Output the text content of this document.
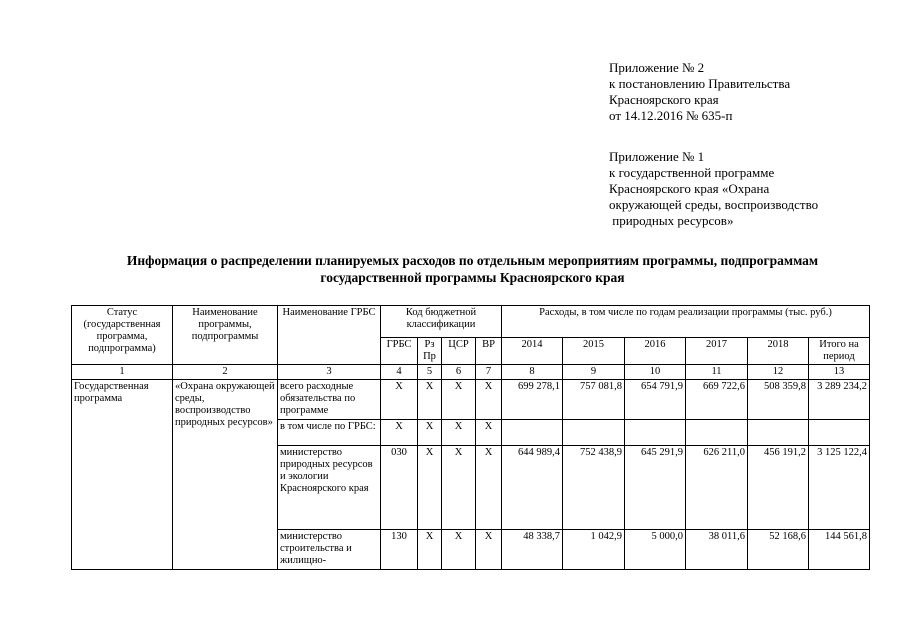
Приложение № 2
к постановлению Правительства
Красноярского края
от 14.12.2016 № 635-п
Приложение № 1
к государственной программе
Красноярского края «Охрана
окружающей среды, воспроизводство
природных ресурсов»
Информация о распределении планируемых расходов по отдельным мероприятиям программы, подпрограммам
государственной программы Красноярского края
Статус (государственная программа, подпрограмма)	Наименование программы, подпрограммы	Наименование ГРБС	Код бюджетной классификации				Расходы, в том числе по годам реализации программы (тыс. руб.)					
			ГРБС	Рз Пр	ЦСР	ВР	2014	2015	2016	2017	2018	Итого на период
1	2	3	4	5	6	7	8	9	10	11	12	13
Государственная программа	«Охрана окружающей среды, воспроизводство природных ресурсов»	всего расходные обязательства по программе	Х	Х	Х	Х	699 278,1	757 081,8	654 791,9	669 722,6	508 359,8	3 289 234,2
		в том числе по ГРБС:	Х	Х	Х	Х						
		министерство природных ресурсов и экологии Красноярского края	030	Х	Х	Х	644 989,4	752 438,9	645 291,9	626 211,0	456 191,2	3 125 122,4
		министерство строительства и жилищно-	130	Х	Х	Х	48 338,7	1 042,9	5 000,0	38 011,6	52 168,6	144 561,8
